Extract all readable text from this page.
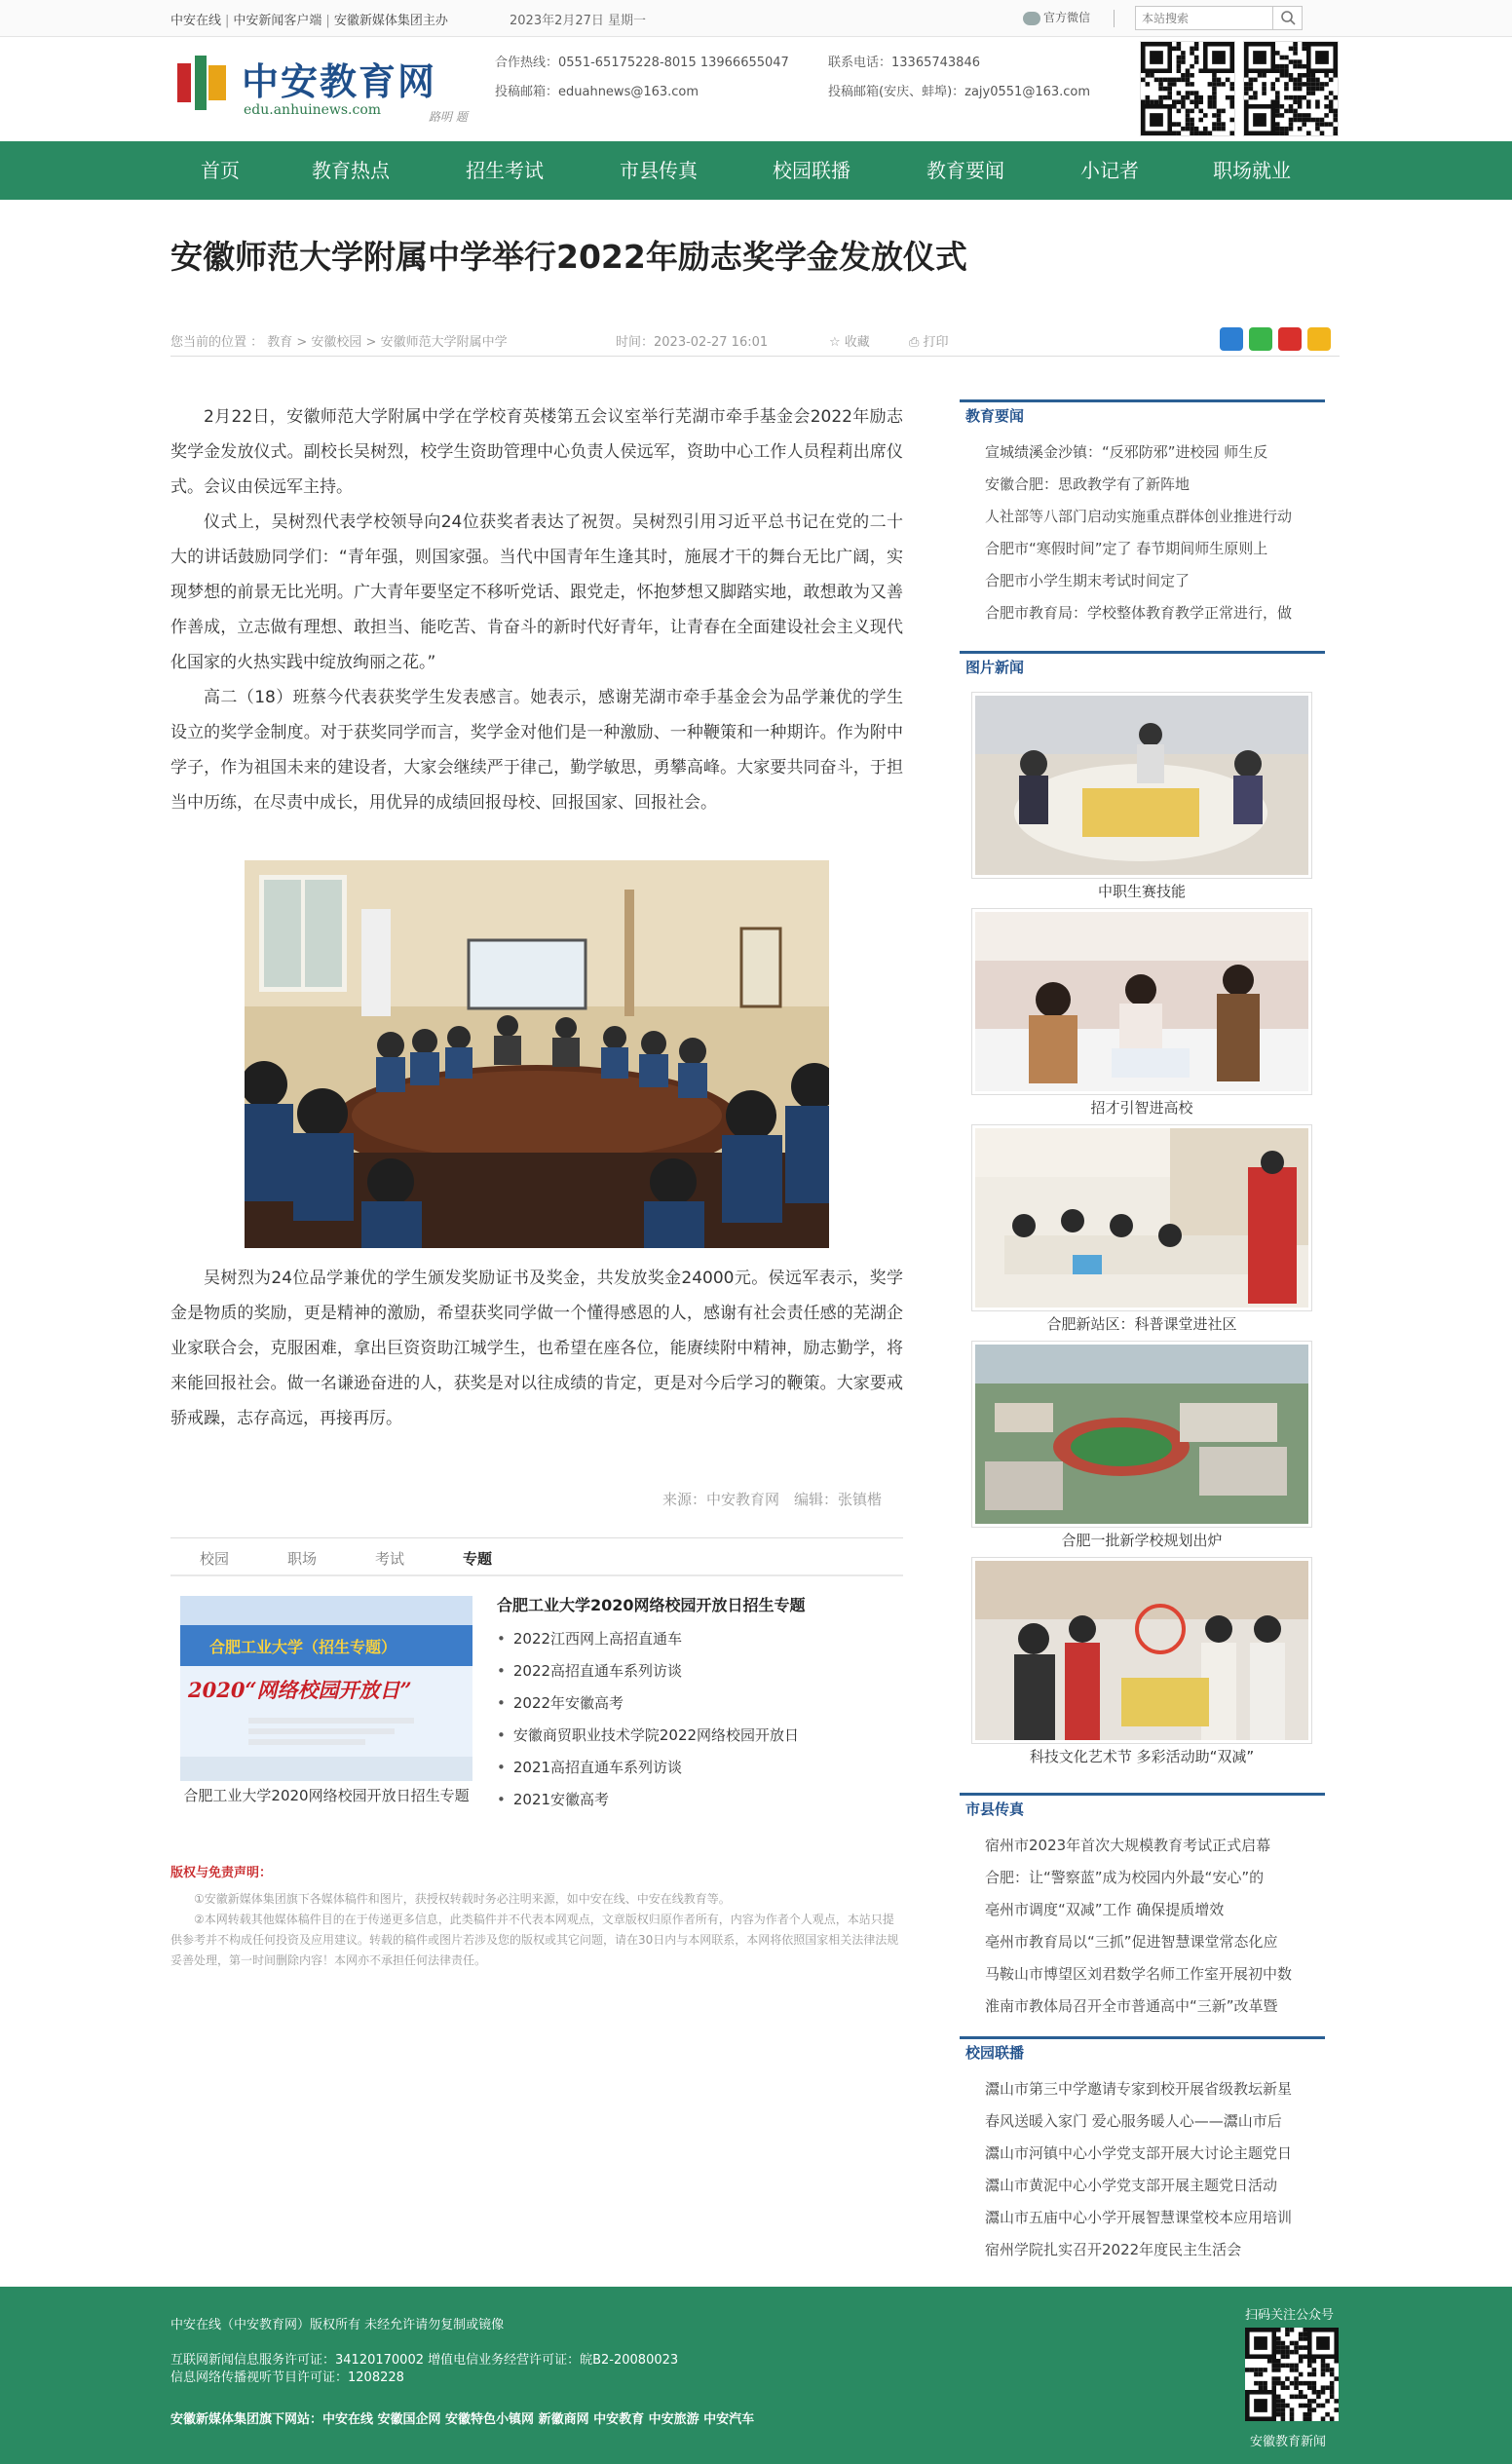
中安在线 | 中安新闻客户端 | 安徽新媒体集团主办	2023年2月27日 星期一	官方微信
本站搜索
中安教育网
edu.anhuinews.com	路明 题
合作热线：0551-65175228-8015 13966655047
投稿邮箱：eduahnews@163.com
联系电话：13365743846
投稿邮箱(安庆、蚌埠)：zajy0551@163.com
首页	教育热点	招生考试	市县传真	校园联播	教育要闻	小记者	职场就业
安徽师范大学附属中学举行2022年励志奖学金发放仪式
您当前的位置 ： 教育 > 安徽校园 > 安徽师范大学附属中学	时间：2023-02-27 16:01	☆ 收藏	⎙ 打印

2月22日，安徽师范大学附属中学在学校育英楼第五会议室举行芜湖市牵手基金会2022年励志奖学金发放仪式。副校长吴树烈，校学生资助管理中心负责人侯远军，资助中心工作人员程莉出席仪式。会议由侯远军主持。

仪式上，吴树烈代表学校领导向24位获奖者表达了祝贺。吴树烈引用习近平总书记在党的二十大的讲话鼓励同学们：“青年强，则国家强。当代中国青年生逢其时，施展才干的舞台无比广阔，实现梦想的前景无比光明。广大青年要坚定不移听党话、跟党走，怀抱梦想又脚踏实地，敢想敢为又善作善成，立志做有理想、敢担当、能吃苦、肯奋斗的新时代好青年，让青春在全面建设社会主义现代化国家的火热实践中绽放绚丽之花。”

高二（18）班蔡今代表获奖学生发表感言。她表示，感谢芜湖市牵手基金会为品学兼优的学生设立的奖学金制度。对于获奖同学而言，奖学金对他们是一种激励、一种鞭策和一种期许。作为附中学子，作为祖国未来的建设者，大家会继续严于律己，勤学敏思，勇攀高峰。大家要共同奋斗，于担当中历练，在尽责中成长，用优异的成绩回报母校、回报国家、回报社会。

吴树烈为24位品学兼优的学生颁发奖励证书及奖金，共发放奖金24000元。侯远军表示，奖学金是物质的奖励，更是精神的激励，希望获奖同学做一个懂得感恩的人，感谢有社会责任感的芜湖企业家联合会，克服困难，拿出巨资资助江城学生，也希望在座各位，能赓续附中精神，励志勤学，将来能回报社会。做一名谦逊奋进的人，获奖是对以往成绩的肯定，更是对今后学习的鞭策。大家要戒骄戒躁，志存高远，再接再厉。

来源：中安教育网　编辑：张镇楷
校园	职场	考试	专题
合肥工业大学（招生专题）
2020“网络校园开放日”
合肥工业大学2020网络校园开放日招生专题
合肥工业大学2020网络校园开放日招生专题
• 2022江西网上高招直通车
• 2022高招直通车系列访谈
• 2022年安徽高考
• 安徽商贸职业技术学院2022网络校园开放日
• 2021高招直通车系列访谈
• 2021安徽高考
版权与免责声明：

①安徽新媒体集团旗下各媒体稿件和图片，获授权转载时务必注明来源，如中安在线、中安在线教育等。

②本网转载其他媒体稿件目的在于传递更多信息，此类稿件并不代表本网观点，文章版权归原作者所有，内容为作者个人观点，本站只提供参考并不构成任何投资及应用建议。转载的稿件或图片若涉及您的版权或其它问题，请在30日内与本网联系，本网将依照国家相关法律法规妥善处理，第一时间删除内容！本网亦不承担任何法律责任。

教育要闻
宣城绩溪金沙镇：“反邪防邪”进校园 师生反
安徽合肥：思政教学有了新阵地
人社部等八部门启动实施重点群体创业推进行动
合肥市“寒假时间”定了 春节期间师生原则上
合肥市小学生期末考试时间定了
合肥市教育局：学校整体教育教学正常进行，做
图片新闻
中职生赛技能
招才引智进高校
合肥新站区：科普课堂进社区
合肥一批新学校规划出炉
科技文化艺术节 多彩活动助“双减”
市县传真
宿州市2023年首次大规模教育考试正式启幕
合肥：让“警察蓝”成为校园内外最“安心”的
亳州市调度“双减”工作 确保提质增效
亳州市教育局以“三抓”促进智慧课堂常态化应
马鞍山市博望区刘君数学名师工作室开展初中数
淮南市教体局召开全市普通高中“三新”改革暨
校园联播
灊山市第三中学邀请专家到校开展省级教坛新星
春风送暖入家门 爱心服务暖人心——灊山市后
灊山市河镇中心小学党支部开展大讨论主题党日
灊山市黄泥中心小学党支部开展主题党日活动
灊山市五庙中心小学开展智慧课堂校本应用培训
宿州学院扎实召开2022年度民主生活会
中安在线（中安教育网）版权所有 未经允许请勿复制或镜像
互联网新闻信息服务许可证：34120170002 增值电信业务经营许可证：皖B2-20080023
信息网络传播视听节目许可证：1208228
安徽新媒体集团旗下网站：中安在线 安徽国企网 安徽特色小镇网 新徽商网 中安教育 中安旅游 中安汽车
扫码关注公众号
安徽教育新闻
